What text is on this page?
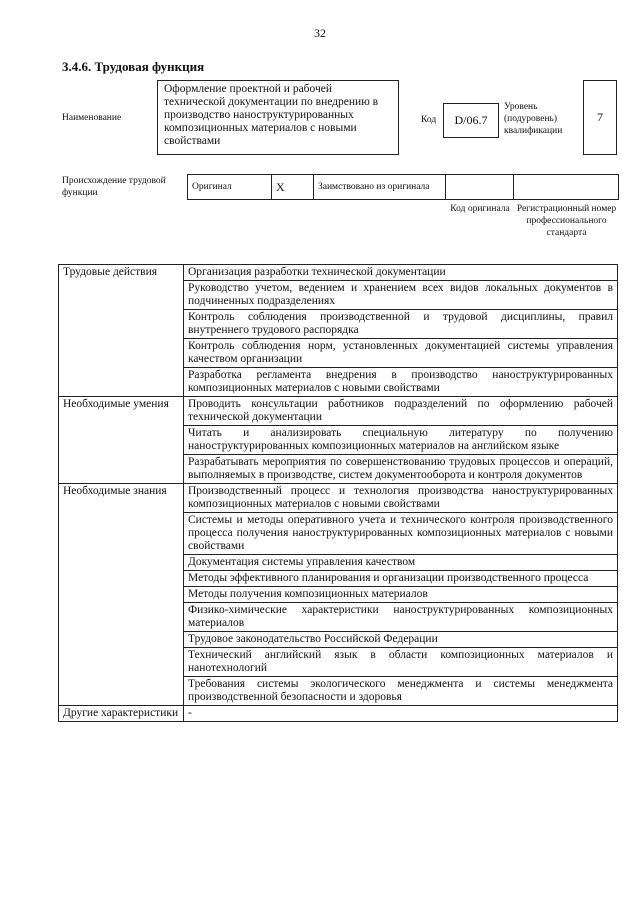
32
3.4.6. Трудовая функция
Наименование
Оформление проектной и рабочей технической документации по внедрению в производство наноструктурированных композиционных материалов с новыми свойствами
Код D/06.7
Уровень (подуровень) квалификации
7
Происхождение трудовой функции
Оригинал	X	Заимствовано из оригинала		
Код оригинала Регистрационный номер профессионального стандарта
Трудовые действия	Организация разработки технической документации
	Руководство учетом, ведением и хранением всех видов локальных документов в подчиненных подразделениях
	Контроль соблюдения производственной и трудовой дисциплины, правил внутреннего трудового распорядка
	Контроль соблюдения норм, установленных документацией системы управления качеством организации
	Разработка регламента внедрения в производство наноструктурированных композиционных материалов с новыми свойствами
Необходимые умения	Проводить консультации работников подразделений по оформлению рабочей технической документации
	Читать и анализировать специальную литературу по получению наноструктурированных композиционных материалов на английском языке
	Разрабатывать мероприятия по совершенствованию трудовых процессов и операций, выполняемых в производстве, систем документооборота и контроля документов
Необходимые знания	Производственный процесс и технология производства наноструктурированных композиционных материалов с новыми свойствами
	Системы и методы оперативного учета и технического контроля производственного процесса получения наноструктурированных композиционных материалов с новыми свойствами
	Документация системы управления качеством
	Методы эффективного планирования и организации производственного процесса
	Методы получения композиционных материалов
	Физико-химические характеристики наноструктурированных композиционных материалов
	Трудовое законодательство Российской Федерации
	Технический английский язык в области композиционных материалов и нанотехнологий
	Требования системы экологического менеджмента и системы менеджмента производственной безопасности и здоровья
Другие характеристики	-
